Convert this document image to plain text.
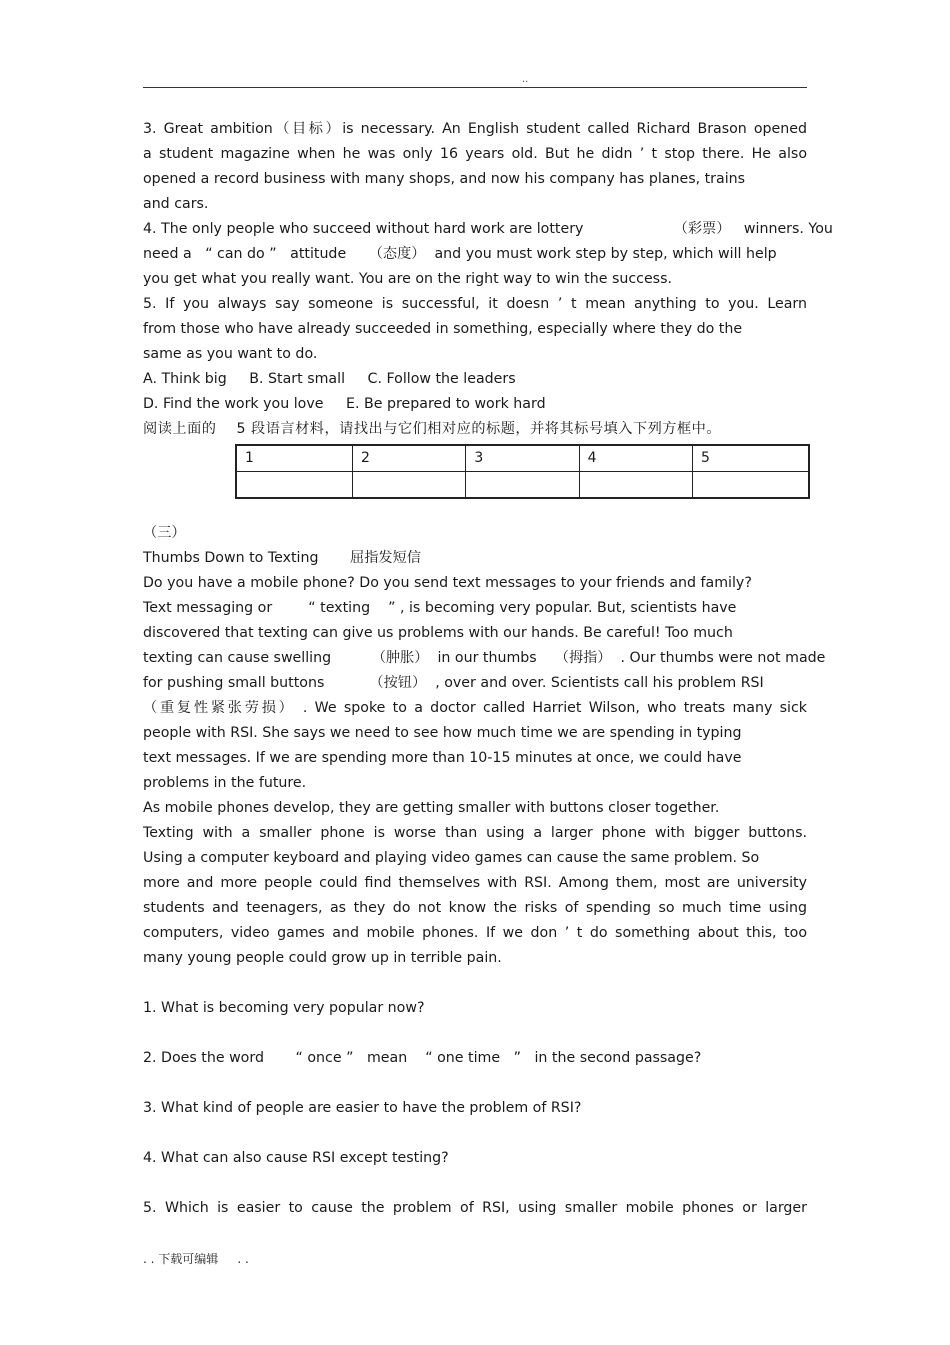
..

3. Great ambition（目标）is necessary. An English student called Richard Brason opened

a student magazine when he was only 16 years old. But he didn ’ t stop there. He also

opened a record business with many shops, and now his company has planes, trains

and cars.

4. The only people who succeed without hard work are lottery                    （彩票）   winners. You

need a   “ can do ”   attitude     （态度）  and you must work step by step, which will help

you get what you really want. You are on the right way to win the success.

5. If you always say someone is successful, it doesn ’ t mean anything to you. Learn

from those who have already succeeded in something, especially where they do the

same as you want to do.

A. Think big     B. Start small     C. Follow the leaders

D. Find the work you love     E. Be prepared to work hard

阅读上面的    5 段语言材料，请找出与它们相对应的标题，并将其标号填入下列方框中。

1	2	3	4	5

（三）

Thumbs Down to Texting       屈指发短信

Do you have a mobile phone? Do you send text messages to your friends and family?

Text messaging or        “ texting    ” , is becoming very popular. But, scientists have

discovered that texting can give us problems with our hands. Be careful! Too much

texting can cause swelling         （肿胀）  in our thumbs    （拇指）  . Our thumbs were not made

for pushing small buttons          （按钮）  , over and over. Scientists call his problem RSI

（重复性紧张劳损） . We spoke to a doctor called Harriet Wilson, who treats many sick

people with RSI. She says we need to see how much time we are spending in typing

text messages. If we are spending more than 10-15 minutes at once, we could have

problems in the future.

As mobile phones develop, they are getting smaller with buttons closer together.

Texting with a smaller phone is worse than using a larger phone with bigger buttons.

Using a computer keyboard and playing video games can cause the same problem. So

more and more people could find themselves with RSI. Among them, most are university

students and teenagers, as they do not know the risks of spending so much time using

computers, video games and mobile phones. If we don ’ t do something about this, too

many young people could grow up in terrible pain.

1. What is becoming very popular now?

2. Does the word       “ once ”   mean    “ one time   ”   in the second passage?

3. What kind of people are easier to have the problem of RSI?

4. What can also cause RSI except testing?

5. Which is easier to cause the problem of RSI, using smaller mobile phones or larger

. . 下载可编辑     . .
